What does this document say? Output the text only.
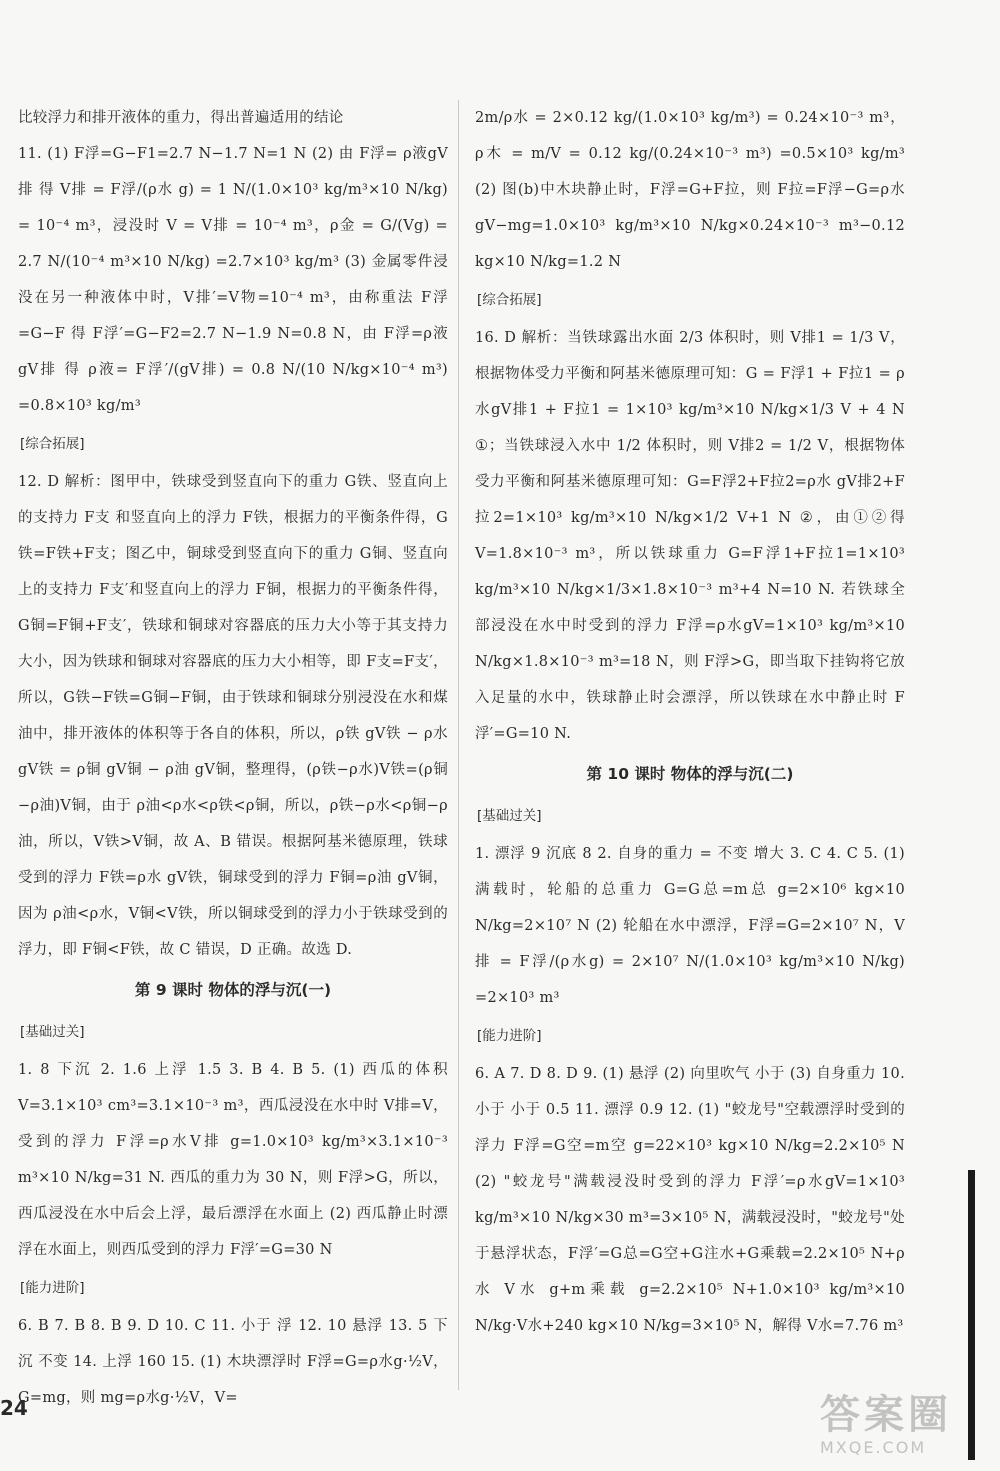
比较浮力和排开液体的重力，得出普遍适用的结论
11. (1) F浮=G−F1=2.7 N−1.7 N=1 N (2) 由 F浮= ρ液gV排 得 V排 = F浮/(ρ水 g) = 1 N/(1.0×10³ kg/m³×10 N/kg) = 10⁻⁴ m³，浸没时 V = V排 = 10⁻⁴ m³，ρ金 = G/(Vg) = 2.7 N/(10⁻⁴ m³×10 N/kg) =2.7×10³ kg/m³ (3) 金属零件浸没在另一种液体中时，V排′=V物=10⁻⁴ m³，由称重法 F浮=G−F 得 F浮′=G−F2=2.7 N−1.9 N=0.8 N，由 F浮=ρ液 gV排 得 ρ液= F浮′/(gV排) = 0.8 N/(10 N/kg×10⁻⁴ m³) =0.8×10³ kg/m³
[综合拓展]
12. D 解析：图甲中，铁球受到竖直向下的重力 G铁、竖直向上的支持力 F支 和竖直向上的浮力 F铁，根据力的平衡条件得，G铁=F铁+F支；图乙中，铜球受到竖直向下的重力 G铜、竖直向上的支持力 F支′和竖直向上的浮力 F铜，根据力的平衡条件得，G铜=F铜+F支′，铁球和铜球对容器底的压力大小等于其支持力大小，因为铁球和铜球对容器底的压力大小相等，即 F支=F支′，所以，G铁−F铁=G铜−F铜，由于铁球和铜球分别浸没在水和煤油中，排开液体的体积等于各自的体积，所以，ρ铁 gV铁 − ρ水 gV铁 = ρ铜 gV铜 − ρ油 gV铜，整理得，(ρ铁−ρ水)V铁=(ρ铜−ρ油)V铜，由于 ρ油<ρ水<ρ铁<ρ铜，所以，ρ铁−ρ水<ρ铜−ρ油，所以，V铁>V铜，故 A、B 错误。根据阿基米德原理，铁球受到的浮力 F铁=ρ水 gV铁，铜球受到的浮力 F铜=ρ油 gV铜，因为 ρ油<ρ水，V铜<V铁，所以铜球受到的浮力小于铁球受到的浮力，即 F铜<F铁，故 C 错误，D 正确。故选 D.
第 9 课时 物体的浮与沉(一)
[基础过关]
1. 8 下沉 2. 1.6 上浮 1.5 3. B 4. B 5. (1) 西瓜的体积 V=3.1×10³ cm³=3.1×10⁻³ m³，西瓜浸没在水中时 V排=V，受到的浮力 F浮=ρ水V排 g=1.0×10³ kg/m³×3.1×10⁻³ m³×10 N/kg=31 N. 西瓜的重力为 30 N，则 F浮>G，所以，西瓜浸没在水中后会上浮，最后漂浮在水面上 (2) 西瓜静止时漂浮在水面上，则西瓜受到的浮力 F浮′=G=30 N
[能力进阶]
6. B 7. B 8. B 9. D 10. C 11. 小于 浮 12. 10 悬浮 13. 5 下沉 不变 14. 上浮 160 15. (1) 木块漂浮时 F浮=G=ρ水g·½V，G=mg，则 mg=ρ水g·½V，V=
2m/ρ水 = 2×0.12 kg/(1.0×10³ kg/m³) = 0.24×10⁻³ m³，ρ木 = m/V = 0.12 kg/(0.24×10⁻³ m³) =0.5×10³ kg/m³ (2) 图(b)中木块静止时，F浮=G+F拉，则 F拉=F浮−G=ρ水 gV−mg=1.0×10³ kg/m³×10 N/kg×0.24×10⁻³ m³−0.12 kg×10 N/kg=1.2 N
[综合拓展]
16. D 解析：当铁球露出水面 2/3 体积时，则 V排1 = 1/3 V，根据物体受力平衡和阿基米德原理可知：G = F浮1 + F拉1 = ρ水gV排1 + F拉1 = 1×10³ kg/m³×10 N/kg×1/3 V + 4 N ①；当铁球浸入水中 1/2 体积时，则 V排2 = 1/2 V，根据物体受力平衡和阿基米德原理可知：G=F浮2+F拉2=ρ水 gV排2+F拉2=1×10³ kg/m³×10 N/kg×1/2 V+1 N ②，由①②得 V=1.8×10⁻³ m³，所以铁球重力 G=F浮1+F拉1=1×10³ kg/m³×10 N/kg×1/3×1.8×10⁻³ m³+4 N=10 N. 若铁球全部浸没在水中时受到的浮力 F浮=ρ水gV=1×10³ kg/m³×10 N/kg×1.8×10⁻³ m³=18 N，则 F浮>G，即当取下挂钩将它放入足量的水中，铁球静止时会漂浮，所以铁球在水中静止时 F浮′=G=10 N.
第 10 课时 物体的浮与沉(二)
[基础过关]
1. 漂浮 9 沉底 8 2. 自身的重力 = 不变 增大 3. C 4. C 5. (1) 满载时，轮船的总重力 G=G总=m总 g=2×10⁶ kg×10 N/kg=2×10⁷ N (2) 轮船在水中漂浮，F浮=G=2×10⁷ N，V排 = F浮/(ρ水g) = 2×10⁷ N/(1.0×10³ kg/m³×10 N/kg) =2×10³ m³
[能力进阶]
6. A 7. D 8. D 9. (1) 悬浮 (2) 向里吹气 小于 (3) 自身重力 10. 小于 小于 0.5 11. 漂浮 0.9 12. (1) "蛟龙号"空载漂浮时受到的浮力 F浮=G空=m空 g=22×10³ kg×10 N/kg=2.2×10⁵ N (2) "蛟龙号"满载浸没时受到的浮力 F浮′=ρ水gV=1×10³ kg/m³×10 N/kg×30 m³=3×10⁵ N，满载浸没时，"蛟龙号"处于悬浮状态，F浮′=G总=G空+G注水+G乘载=2.2×10⁵ N+ρ水 V水 g+m乘载 g=2.2×10⁵ N+1.0×10³ kg/m³×10 N/kg·V水+240 kg×10 N/kg=3×10⁵ N，解得 V水=7.76 m³
24	答案圈
MXQE.COM
